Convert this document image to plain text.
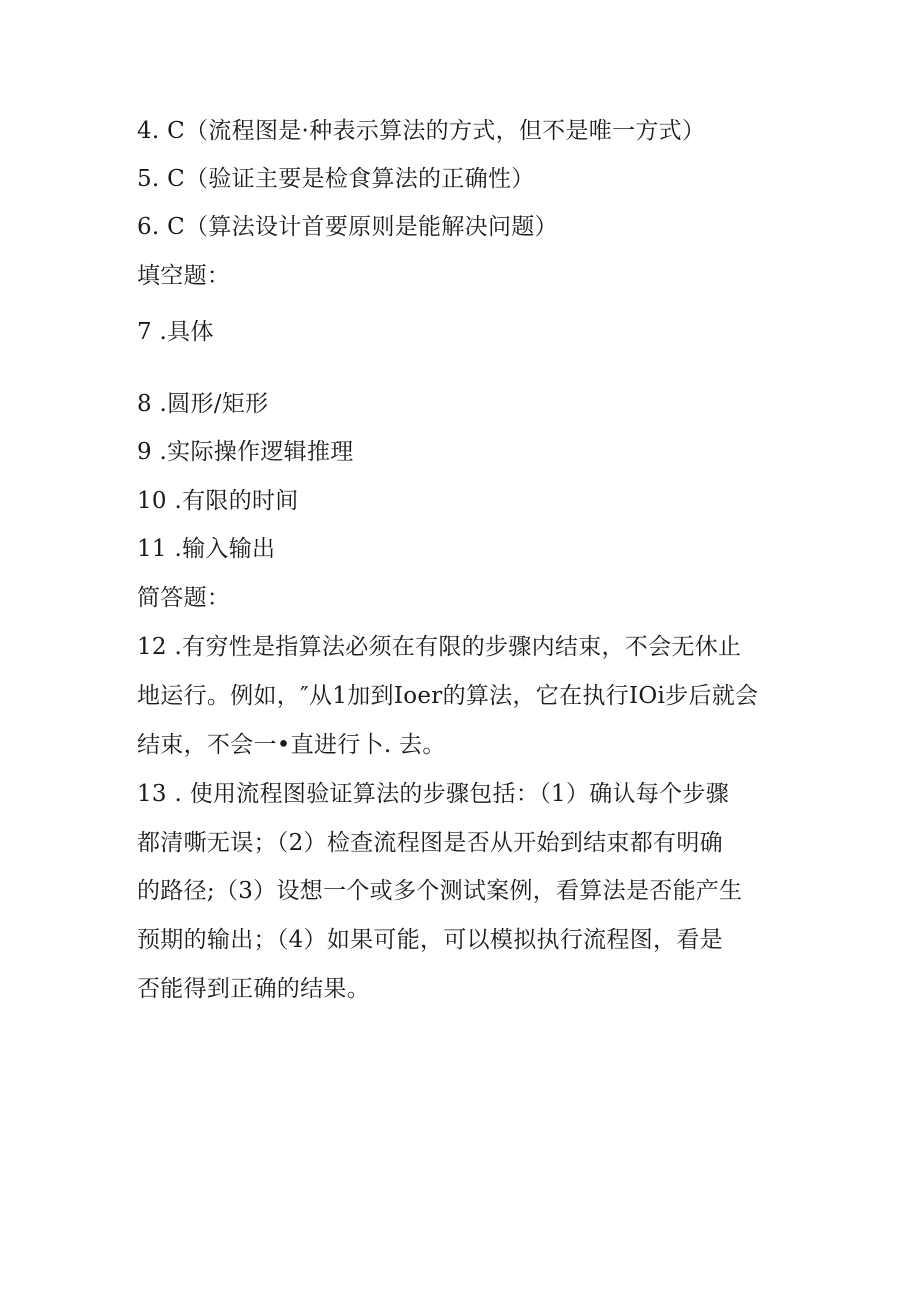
4. C（流程图是·种表示算法的方式，但不是唯一方式）
5. C（验证主要是检食算法的正确性）
6. C（算法设计首要原则是能解决问题）
填空题：
7 .具体
8 .圆形/矩形
9 .实际操作逻辑推理
10 .有限的时间
11 .输入输出
简答题：
12 .有穷性是指算法必须在有限的步骤内结束，不会无休止
地运行。例如，″从1加到Ioer的算法，它在执行IOi步后就会
结束，不会一•直进行卜. 去。
13 . 使用流程图验证算法的步骤包括：（1）确认每个步骤
都清嘶无误；（2）检查流程图是否从开始到结束都有明确
的路径;（3）设想一个或多个测试案例，看算法是否能产生
预期的输出；（4）如果可能，可以模拟执行流程图，看是
否能得到正确的结果。
